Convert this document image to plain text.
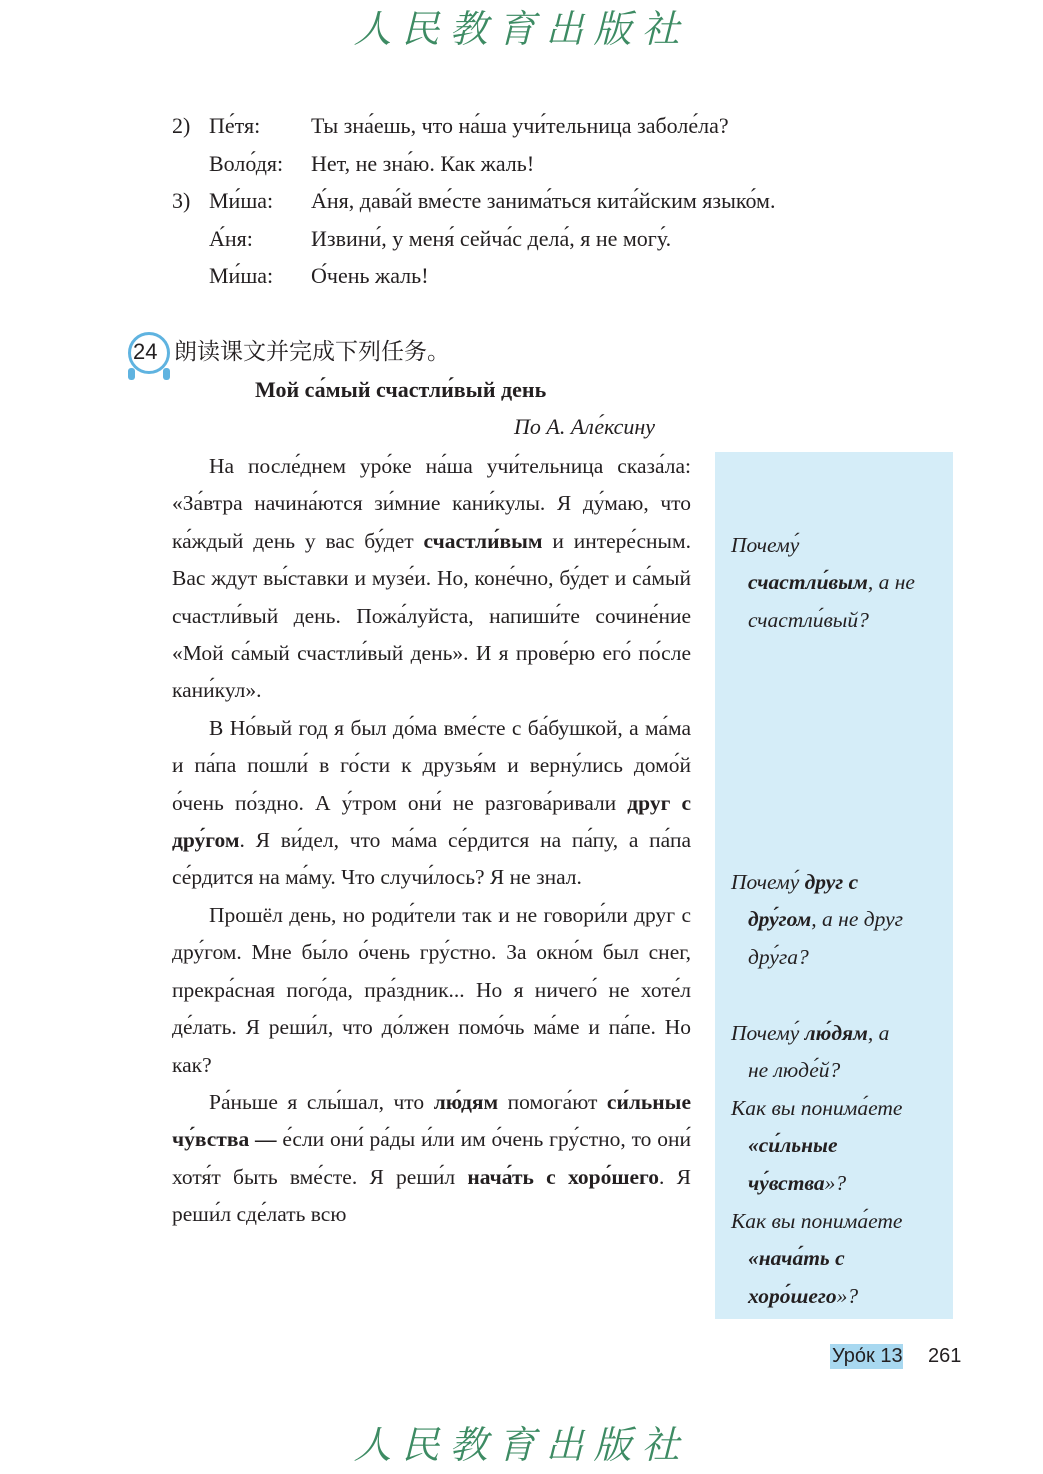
人民教育出版社
2) Пе́тя: Ты зна́ешь, что на́ша учи́тельница заболе́ла?
Воло́дя: Нет, не зна́ю. Как жаль!
3) Ми́ша: А́ня, дава́й вме́сте занима́ться кита́йским языко́м.
А́ня:	Извини́, у меня́ сейча́с дела́, я не могу́.
Ми́ша: О́чень жаль!
24 朗读课文并完成下列任务。
Мой са́мый счастли́вый день
По А. Але́ксину
Почему́
счастли́вым, а не
счастли́вый?
Почему́ друг с
дру́гом, а не друг
дру́га?
Почему́ лю́дям, а
не люде́й?
Как вы понима́ете
«си́льные
чу́вства»?
Как вы понима́ете
«нача́ть с
хоро́шего»?

На после́днем уро́ке на́ша учи́тельница сказа́ла: «За́втра начина́ются зи́мние кани́кулы. Я ду́маю, что ка́ждый день у вас бу́дет счастли́вым и интере́сным. Вас ждут вы́ставки и музе́и. Но, коне́чно, бу́дет и са́мый счастли́вый день. Пожа́луйста, напиши́те сочине́ние «Мой са́мый счастли́вый день». И я прове́рю его́ по́сле кани́кул».

В Но́вый год я был до́ма вме́сте с ба́бушкой, а ма́ма и па́па пошли́ в го́сти к друзья́м и верну́лись домо́й о́чень по́здно. А у́тром они́ не разгова́ривали друг с дру́гом. Я ви́дел, что ма́ма се́рдится на па́пу, а па́па се́рдится на ма́му. Что случи́лось? Я не знал.

Прошёл день, но роди́тели так и не говори́ли друг с дру́гом. Мне бы́ло о́чень гру́стно. За окно́м был снег, прекра́сная пого́да, пра́здник... Но я ничего́ не хоте́л де́лать. Я реши́л, что до́лжен помо́чь ма́ме и па́пе. Но как?

Ра́ньше я слы́шал, что лю́дям помога́ют си́льные чу́вства — е́сли они́ ра́ды и́ли им о́чень гру́стно, то они́ хотя́т быть вме́сте. Я реши́л нача́ть с хоро́шего. Я реши́л сде́лать всю

Уро́к 13 261
人民教育出版社
